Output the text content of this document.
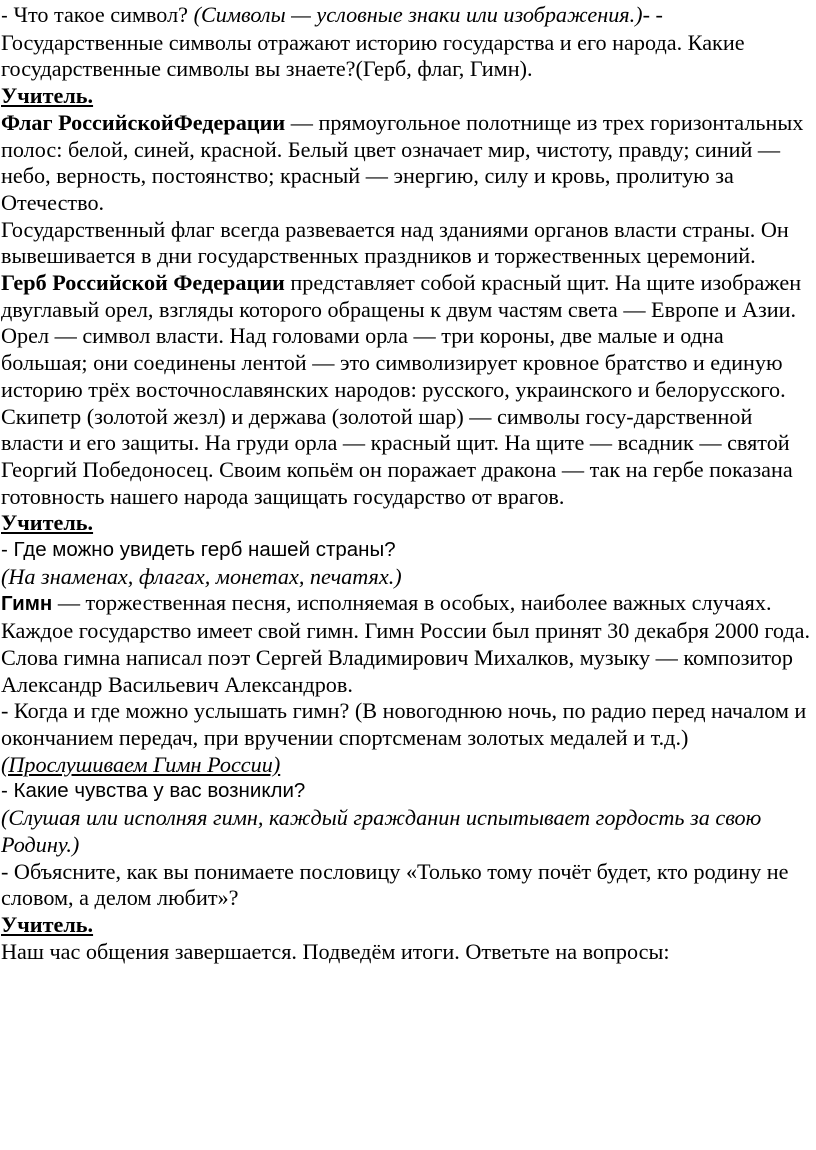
- Что такое символ? (Символы — условные знаки или изображения.)- - Государственные символы отражают историю государства и его народа. Какие государственные символы вы знаете?(Герб, флаг, Гимн).

Учитель.

Флаг РоссийскойФедерации — прямоугольное полотнище из трех горизонтальных полос: белой, синей, красной. Белый цвет означает мир, чистоту, правду; синий — небо, верность, постоянство; красный — энергию, силу и кровь, пролитую за Отечество.

Государственный флаг всегда развевается над зданиями органов власти страны. Он вывешивается в дни государственных праздников и торжественных церемоний.

Герб Российской Федерации представляет собой красный щит. На щите изображен двуглавый орел, взгляды которого обращены к двум частям света — Европе и Азии. Орел — символ власти. Над головами орла — три короны, две малые и одна большая; они соединены лентой — это символизирует кровное братство и единую историю трёх восточнославянских народов: русского, украинского и белорусского. Скипетр (золотой жезл) и держава (золотой шар) — символы госу-дарственной власти и его защиты. На груди орла — красный щит. На щите — всадник — святой Георгий Победоносец. Своим копьём он поражает дракона — так на гербе показана готовность нашего народа защищать государство от врагов.

Учитель.

- Где можно увидеть герб нашей страны?

(На знаменах, флагах, монетах, печатях.)

Гимн — торжественная песня, исполняемая в особых, наиболее важных случаях. Каждое государство имеет свой гимн. Гимн России был принят 30 декабря 2000 года. Слова гимна написал поэт Сергей Владимирович Михалков, музыку — композитор Александр Васильевич Александров.

- Когда и где можно услышать гимн? (В новогоднюю ночь, по радио перед началом и окончанием передач, при вручении спортсменам золотых медалей и т.д.)

(Прослушиваем Гимн России)

- Какие чувства у вас возникли?

(Слушая или исполняя гимн, каждый гражданин испытывает гордость за свою Родину.)

- Объясните, как вы понимаете пословицу «Только тому почёт будет, кто родину не словом, а делом любит»?

Учитель.

Наш час общения завершается. Подведём итоги. Ответьте на вопросы:
